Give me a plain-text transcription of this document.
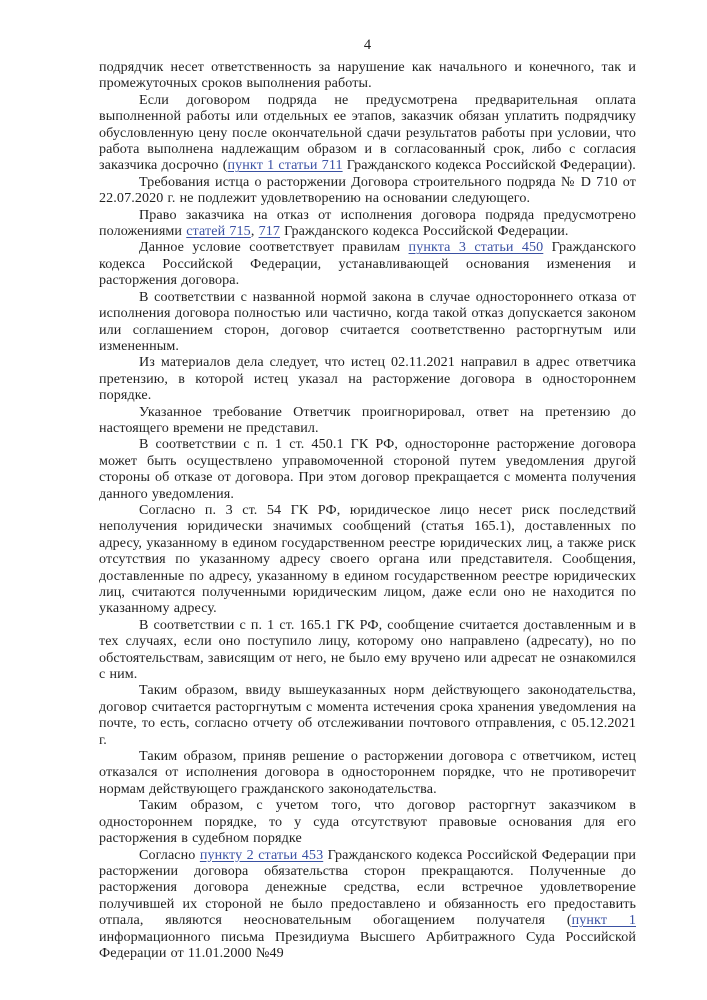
4

подрядчик несет ответственность за нарушение как начального и конечного, так и промежуточных сроков выполнения работы.

Если договором подряда не предусмотрена предварительная оплата выполненной работы или отдельных ее этапов, заказчик обязан уплатить подрядчику обусловленную цену после окончательной сдачи результатов работы при условии, что работа выполнена надлежащим образом и в согласованный срок, либо с согласия заказчика досрочно (пункт 1 статьи 711 Гражданского кодекса Российской Федерации).

Требования истца о расторжении Договора строительного подряда № D 710 от 22.07.2020 г. не подлежит удовлетворению на основании следующего.

Право заказчика на отказ от исполнения договора подряда предусмотрено положениями статей 715, 717 Гражданского кодекса Российской Федерации.

Данное условие соответствует правилам пункта 3 статьи 450 Гражданского кодекса Российской Федерации, устанавливающей основания изменения и расторжения договора.

В соответствии с названной нормой закона в случае одностороннего отказа от исполнения договора полностью или частично, когда такой отказ допускается законом или соглашением сторон, договор считается соответственно расторгнутым или измененным.

Из материалов дела следует, что истец 02.11.2021 направил в адрес ответчика претензию, в которой истец указал на расторжение договора в одностороннем порядке.

Указанное требование Ответчик проигнорировал, ответ на претензию до настоящего времени не представил.

В соответствии с п. 1 ст. 450.1 ГК РФ, односторонне расторжение договора может быть осуществлено управомоченной стороной путем уведомления другой стороны об отказе от договора. При этом договор прекращается с момента получения данного уведомления.

Согласно п. 3 ст. 54 ГК РФ, юридическое лицо несет риск последствий неполучения юридически значимых сообщений (статья 165.1), доставленных по адресу, указанному в едином государственном реестре юридических лиц, а также риск отсутствия по указанному адресу своего органа или представителя. Сообщения, доставленные по адресу, указанному в едином государственном реестре юридических лиц, считаются полученными юридическим лицом, даже если оно не находится по указанному адресу.

В соответствии с п. 1 ст. 165.1 ГК РФ, сообщение считается доставленным и в тех случаях, если оно поступило лицу, которому оно направлено (адресату), но по обстоятельствам, зависящим от него, не было ему вручено или адресат не ознакомился с ним.

Таким образом, ввиду вышеуказанных норм действующего законодательства, договор считается расторгнутым с момента истечения срока хранения уведомления на почте, то есть, согласно отчету об отслеживании почтового отправления, с 05.12.2021 г.

Таким образом, приняв решение о расторжении договора с ответчиком, истец отказался от исполнения договора в одностороннем порядке, что не противоречит нормам действующего гражданского законодательства.

Таким образом, с учетом того, что договор расторгнут заказчиком в одностороннем порядке, то у суда отсутствуют правовые основания для его расторжения в судебном порядке

Согласно пункту 2 статьи 453 Гражданского кодекса Российской Федерации при расторжении договора обязательства сторон прекращаются. Полученные до расторжения договора денежные средства, если встречное удовлетворение получившей их стороной не было предоставлено и обязанность его предоставить отпала, являются неосновательным обогащением получателя (пункт 1 информационного письма Президиума Высшего Арбитражного Суда Российской Федерации от 11.01.2000 №49
